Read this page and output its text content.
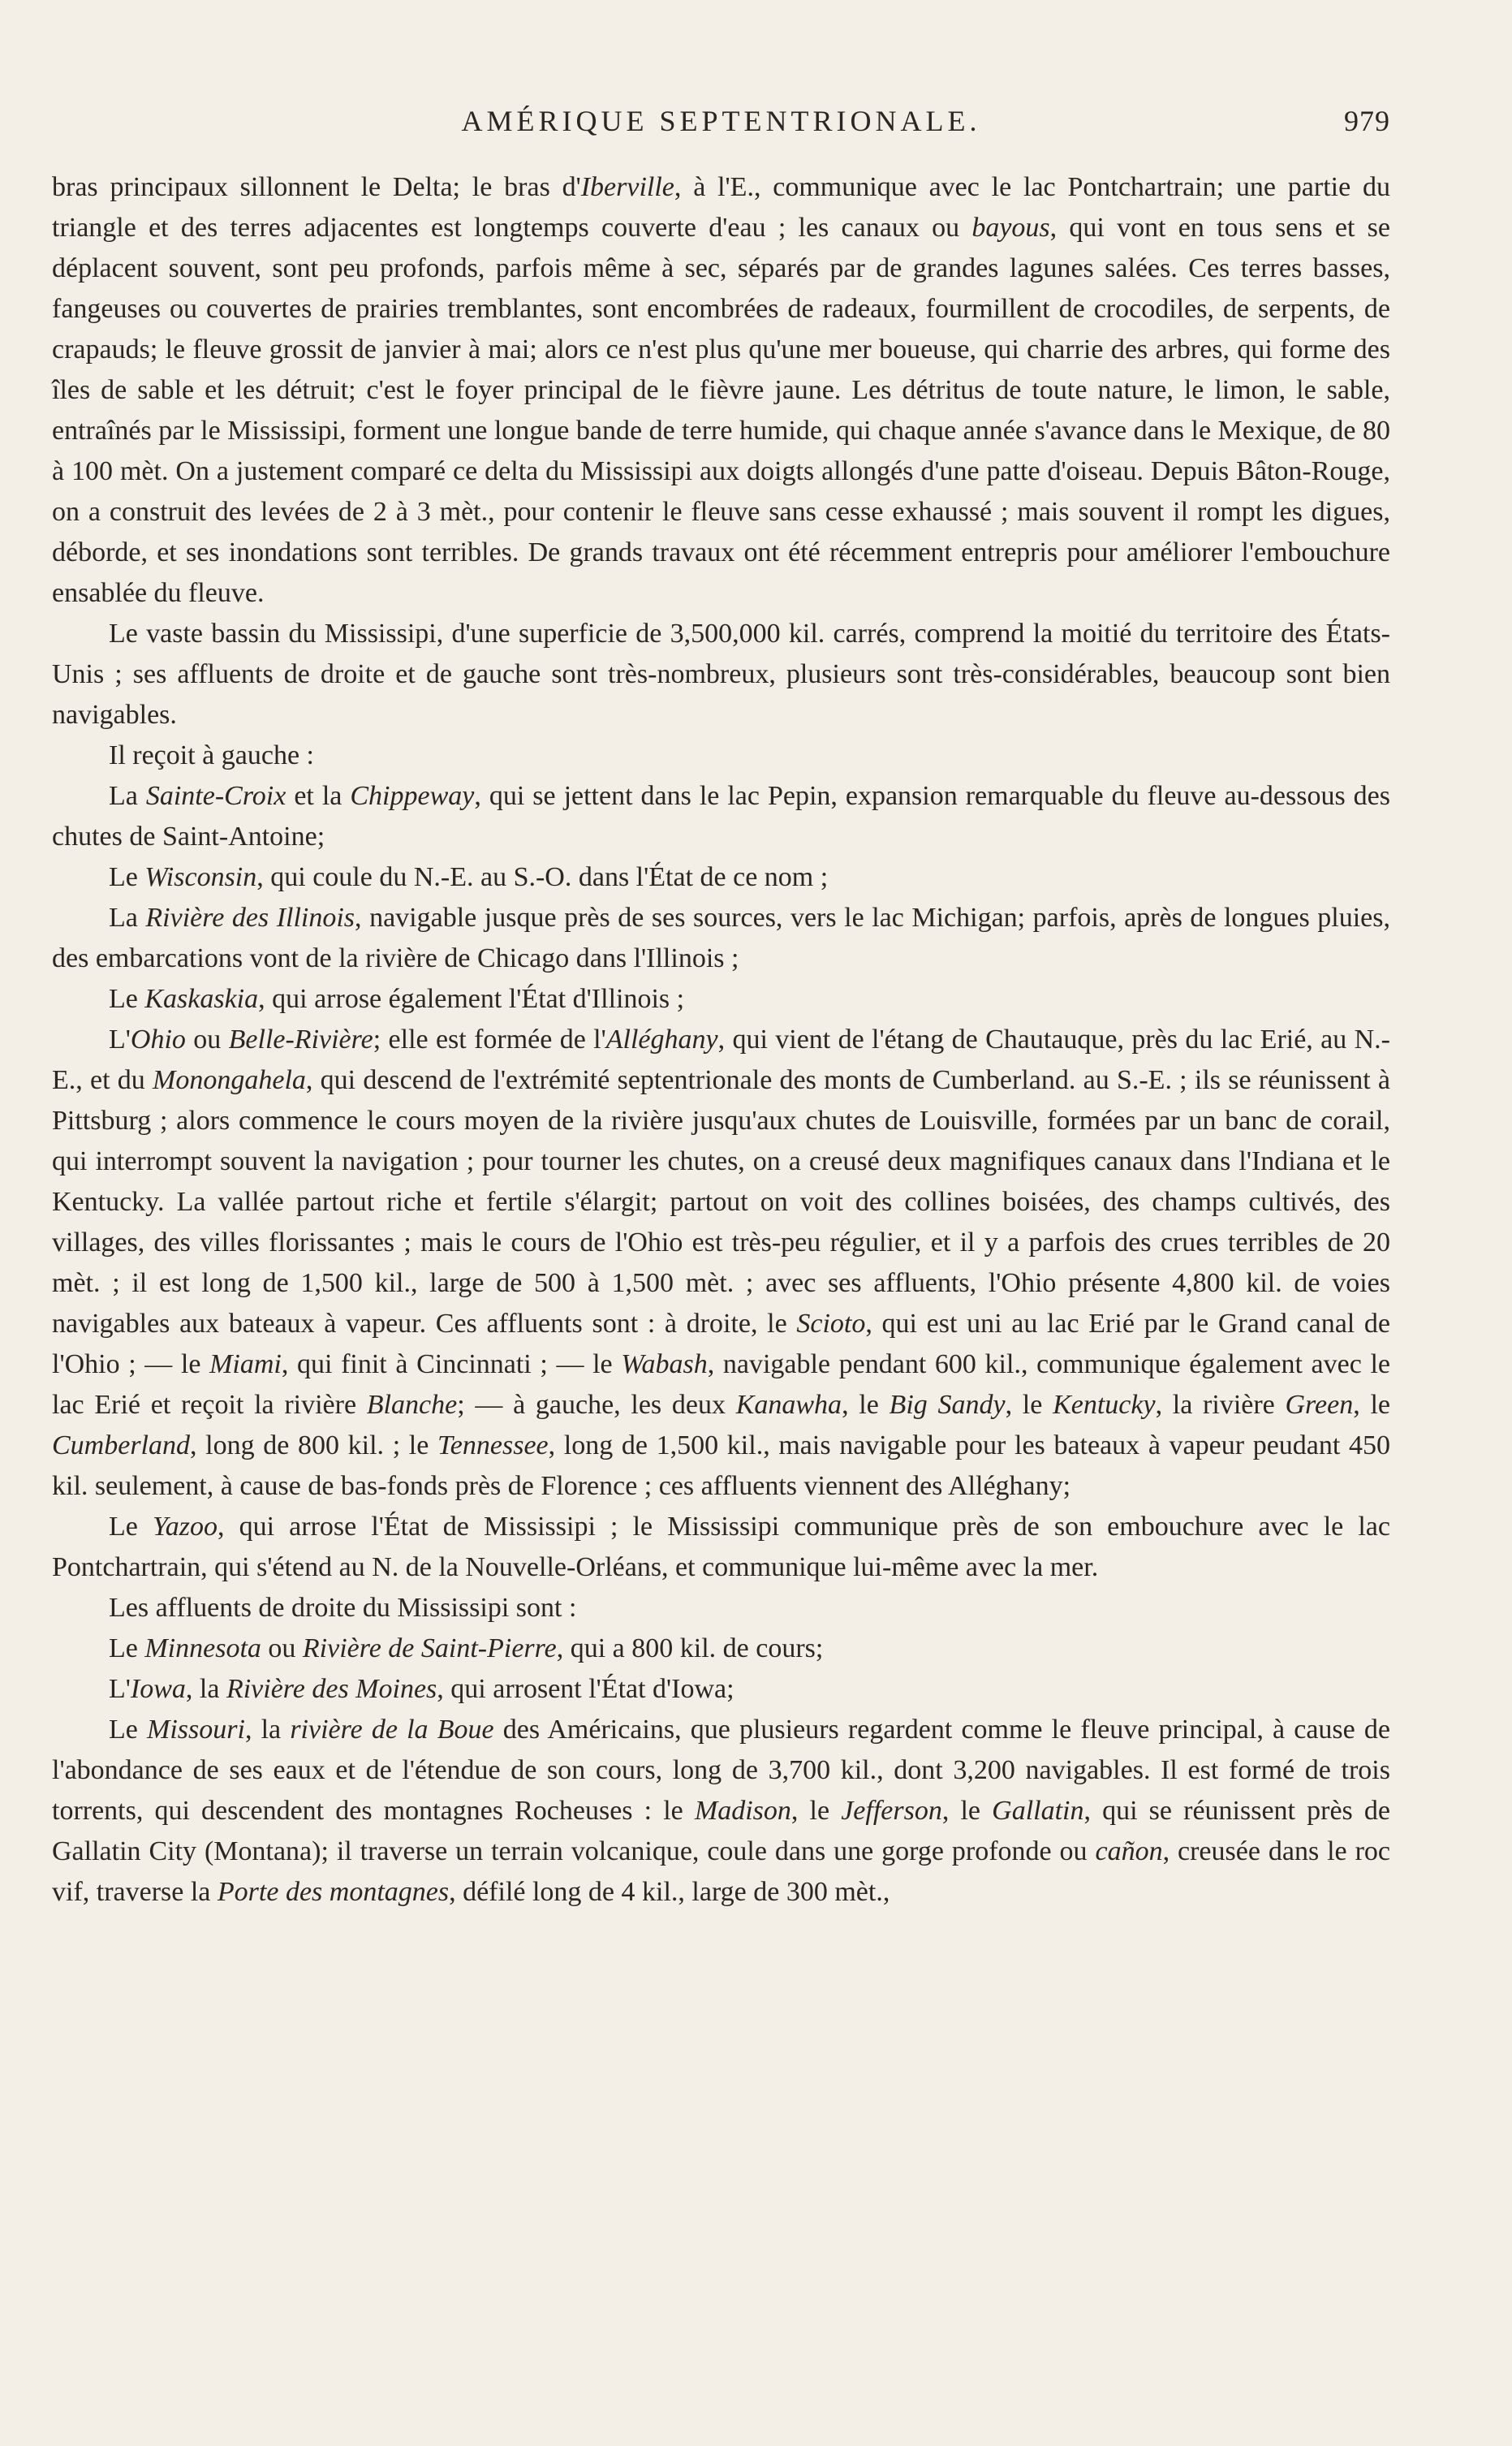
AMÉRIQUE SEPTENTRIONALE.	979

bras principaux sillonnent le Delta; le bras d'Iberville, à l'E., communique avec le lac Pontchartrain; une partie du triangle et des terres adjacentes est longtemps couverte d'eau ; les canaux ou bayous, qui vont en tous sens et se déplacent souvent, sont peu profonds, parfois même à sec, séparés par de grandes lagunes salées. Ces terres basses, fangeuses ou couvertes de prairies tremblantes, sont encombrées de radeaux, fourmillent de crocodiles, de serpents, de crapauds; le fleuve grossit de janvier à mai; alors ce n'est plus qu'une mer boueuse, qui charrie des arbres, qui forme des îles de sable et les détruit; c'est le foyer principal de le fièvre jaune. Les détritus de toute nature, le limon, le sable, entraînés par le Mississipi, forment une longue bande de terre humide, qui chaque année s'avance dans le Mexique, de 80 à 100 mèt. On a justement comparé ce delta du Mississipi aux doigts allongés d'une patte d'oiseau. Depuis Bâton-Rouge, on a construit des levées de 2 à 3 mèt., pour contenir le fleuve sans cesse exhaussé ; mais souvent il rompt les digues, déborde, et ses inondations sont terribles. De grands travaux ont été récemment entrepris pour améliorer l'embouchure ensablée du fleuve.

Le vaste bassin du Mississipi, d'une superficie de 3,500,000 kil. carrés, comprend la moitié du territoire des États-Unis ; ses affluents de droite et de gauche sont très-nombreux, plusieurs sont très-considérables, beaucoup sont bien navigables.

Il reçoit à gauche :

La Sainte-Croix et la Chippeway, qui se jettent dans le lac Pepin, expansion remarquable du fleuve au-dessous des chutes de Saint-Antoine;

Le Wisconsin, qui coule du N.-E. au S.-O. dans l'État de ce nom ;

La Rivière des Illinois, navigable jusque près de ses sources, vers le lac Michigan; parfois, après de longues pluies, des embarcations vont de la rivière de Chicago dans l'Illinois ;

Le Kaskaskia, qui arrose également l'État d'Illinois ;

L'Ohio ou Belle-Rivière; elle est formée de l'Alléghany, qui vient de l'étang de Chautauque, près du lac Erié, au N.-E., et du Monongahela, qui descend de l'extrémité septentrionale des monts de Cumberland. au S.-E. ; ils se réunissent à Pittsburg ; alors commence le cours moyen de la rivière jusqu'aux chutes de Louisville, formées par un banc de corail, qui interrompt souvent la navigation ; pour tourner les chutes, on a creusé deux magnifiques canaux dans l'Indiana et le Kentucky. La vallée partout riche et fertile s'élargit; partout on voit des collines boisées, des champs cultivés, des villages, des villes florissantes ; mais le cours de l'Ohio est très-peu régulier, et il y a parfois des crues terribles de 20 mèt. ; il est long de 1,500 kil., large de 500 à 1,500 mèt. ; avec ses affluents, l'Ohio présente 4,800 kil. de voies navigables aux bateaux à vapeur. Ces affluents sont : à droite, le Scioto, qui est uni au lac Erié par le Grand canal de l'Ohio ; — le Miami, qui finit à Cincinnati ; — le Wabash, navigable pendant 600 kil., communique également avec le lac Erié et reçoit la rivière Blanche; — à gauche, les deux Kanawha, le Big Sandy, le Kentucky, la rivière Green, le Cumberland, long de 800 kil. ; le Tennessee, long de 1,500 kil., mais navigable pour les bateaux à vapeur peudant 450 kil. seulement, à cause de bas-fonds près de Florence ; ces affluents viennent des Alléghany;

Le Yazoo, qui arrose l'État de Mississipi ; le Mississipi communique près de son embouchure avec le lac Pontchartrain, qui s'étend au N. de la Nouvelle-Orléans, et communique lui-même avec la mer.

Les affluents de droite du Mississipi sont :

Le Minnesota ou Rivière de Saint-Pierre, qui a 800 kil. de cours;

L'Iowa, la Rivière des Moines, qui arrosent l'État d'Iowa;

Le Missouri, la rivière de la Boue des Américains, que plusieurs regardent comme le fleuve principal, à cause de l'abondance de ses eaux et de l'étendue de son cours, long de 3,700 kil., dont 3,200 navigables. Il est formé de trois torrents, qui descendent des montagnes Rocheuses : le Madison, le Jefferson, le Gallatin, qui se réunissent près de Gallatin City (Montana); il traverse un terrain volcanique, coule dans une gorge profonde ou cañon, creusée dans le roc vif, traverse la Porte des montagnes, défilé long de 4 kil., large de 300 mèt.,
